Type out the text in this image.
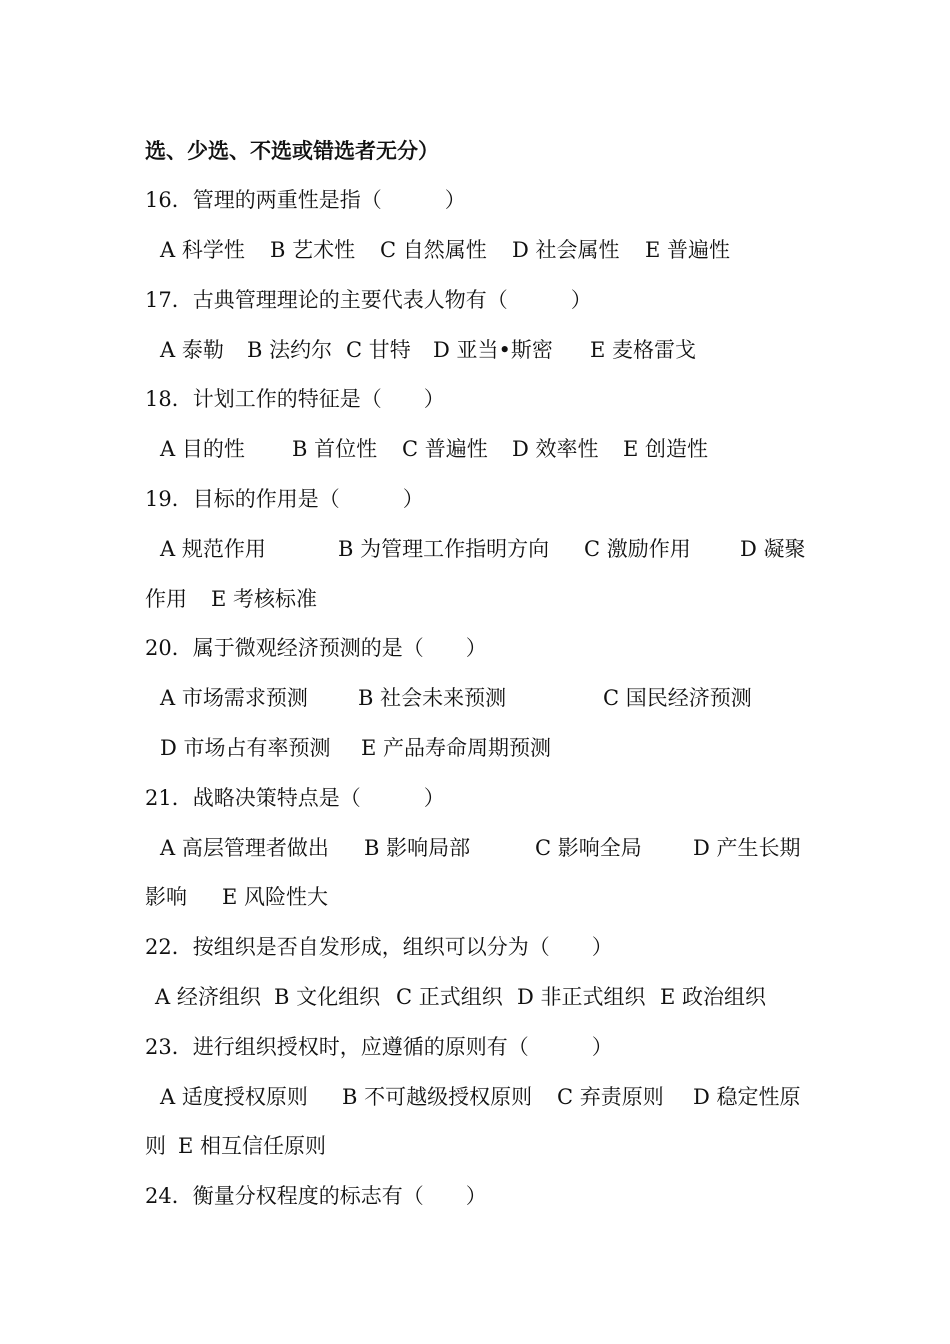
选、少选、不选或错选者无分）
16．管理的两重性是指（　　　）
A 科学性 B 艺术性 C 自然属性 D 社会属性 E 普遍性
17．古典管理理论的主要代表人物有（　　　）
A 泰勒 B 法约尔 C 甘特 D 亚当•斯密 E 麦格雷戈
18．计划工作的特征是（　　）
A 目的性 B 首位性 C 普遍性 D 效率性 E 创造性
19．目标的作用是（　　　）
A 规范作用	B 为管理工作指明方向 C 激励作用 D 凝聚
作用 E 考核标准
20．属于微观经济预测的是（　　）
A 市场需求预测 B 社会未来预测	C 国民经济预测
D 市场占有率预测 E 产品寿命周期预测
21．战略决策特点是（　　　）
A 高层管理者做出 B 影响局部	C 影响全局 D 产生长期
影响 E 风险性大
22．按组织是否自发形成，组织可以分为（　　）
A 经济组织 B 文化组织 C 正式组织 D 非正式组织 E 政治组织
23．进行组织授权时，应遵循的原则有（　　　）
A 适度授权原则 B 不可越级授权原则 C 弃责原则 D 稳定性原
则 E 相互信任原则
24．衡量分权程度的标志有（　　）
